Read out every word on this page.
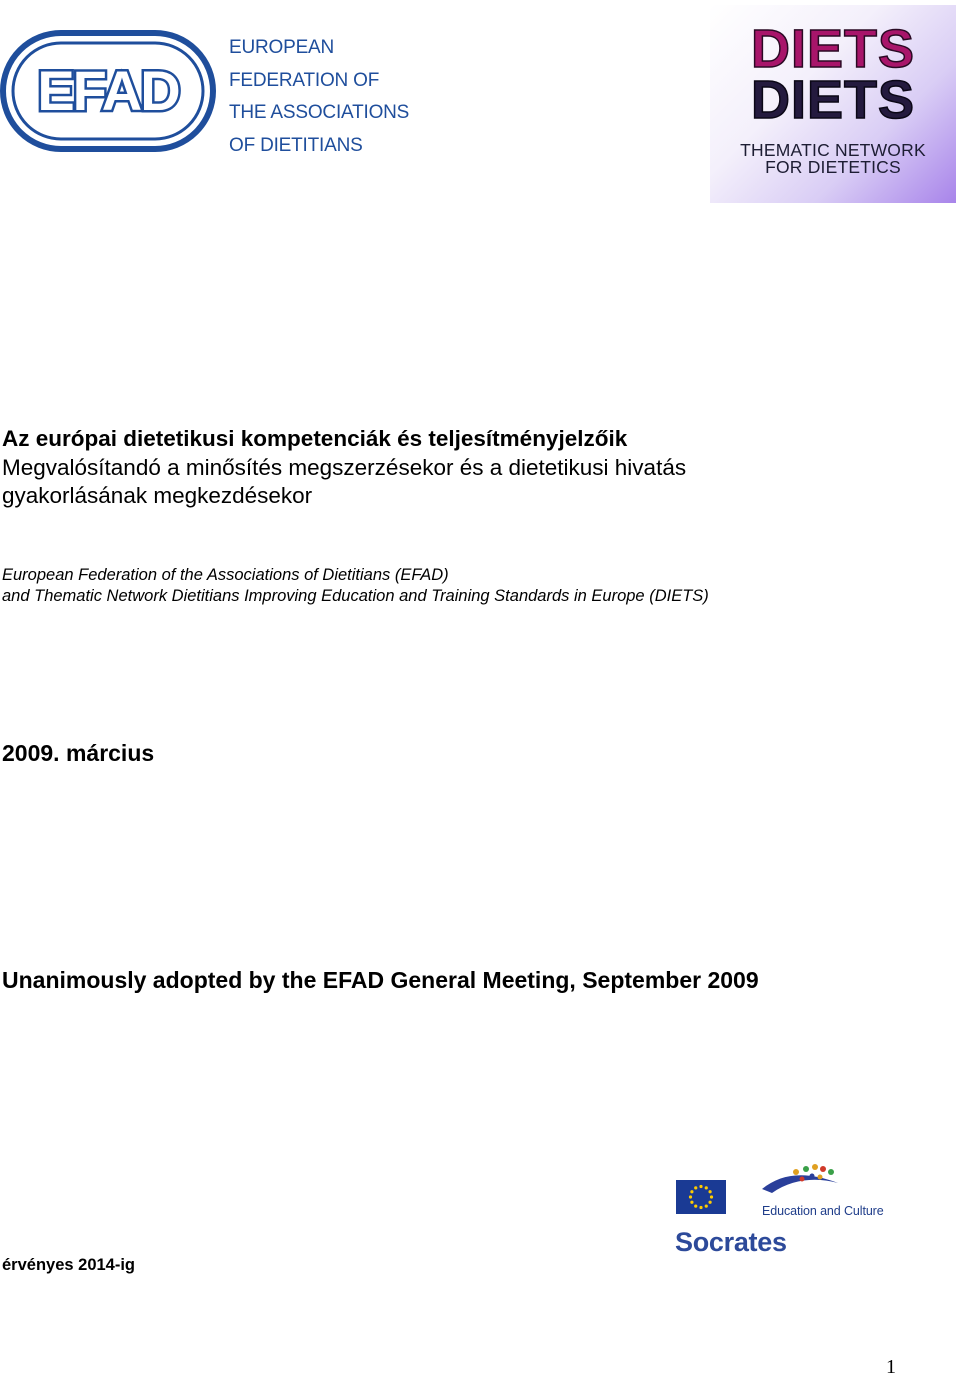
EFAD
EUROPEAN
FEDERATION OF
THE ASSOCIATIONS
OF DIETITIANS
DIETS
DIETS
THEMATIC NETWORK
FOR DIETETICS
Az európai dietetikusi kompetenciák és teljesítményjelzőik
Megvalósítandó a minősítés megszerzésekor és a dietetikusi hivatás
gyakorlásának megkezdésekor
European Federation of the Associations of Dietitians (EFAD)
and Thematic Network Dietitians Improving Education and Training Standards in Europe (DIETS)
2009. március
Unanimously adopted by the EFAD General Meeting, September 2009
érvényes 2014-ig
Education and Culture
Socrates
1
